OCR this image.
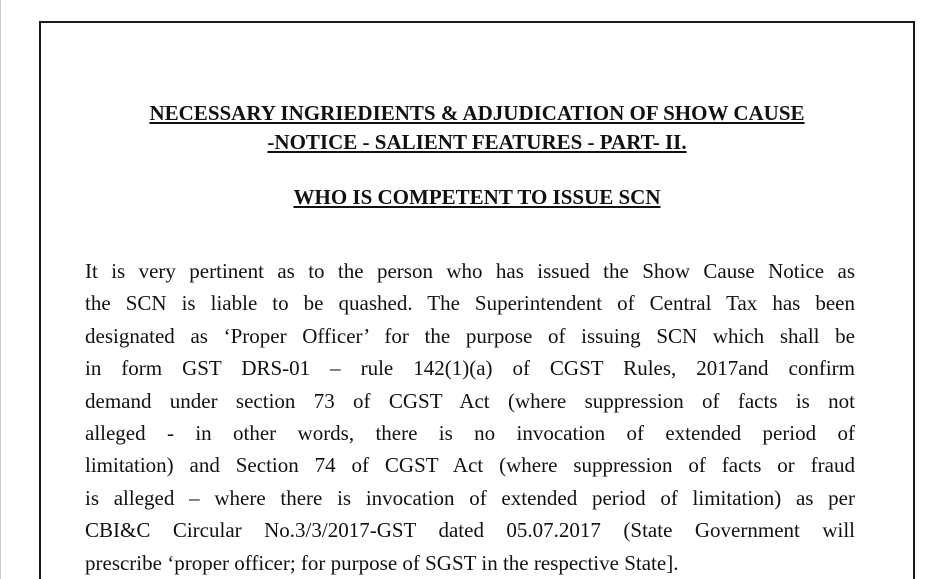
NECESSARY INGRIEDIENTS & ADJUDICATION OF SHOW CAUSE
-NOTICE - SALIENT FEATURES - PART- II.
WHO IS COMPETENT TO ISSUE SCN

It is very pertinent as to the person who has issued the Show Cause Notice as
the SCN is liable to be quashed. The Superintendent of Central Tax has been
designated as ‘Proper Officer’ for the purpose of issuing SCN which shall be
in form GST DRS-01 – rule 142(1)(a) of CGST Rules, 2017and confirm
demand under section 73 of CGST Act (where suppression of facts is not
alleged - in other words, there is no invocation of extended period of
limitation) and Section 74 of CGST Act (where suppression of facts or fraud
is alleged – where there is invocation of extended period of limitation) as per
CBI&C Circular No.3/3/2017-GST dated 05.07.2017 (State Government will
prescribe ‘proper officer; for purpose of SGST in the respective State].
